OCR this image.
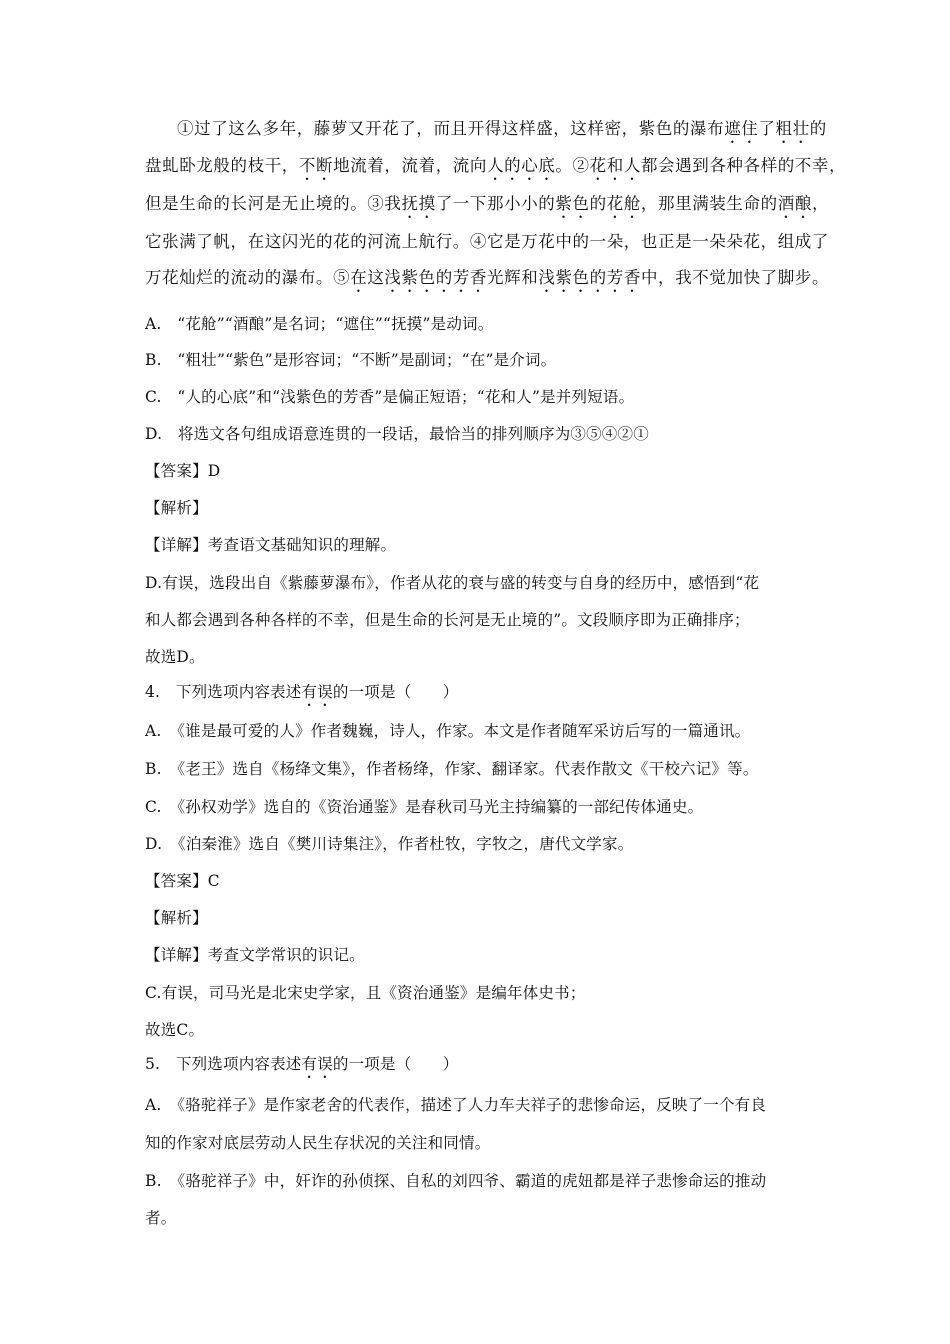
①过了这么多年，藤萝又开花了，而且开得这样盛，这样密，紫色的瀑布遮住了粗壮的
盘虬卧龙般的枝干，不断地流着，流着，流向人的心底。②花和人都会遇到各种各样的不幸，
但是生命的长河是无止境的。③我抚摸了一下那小小的紫色的花舱，那里满装生命的酒酿，
它张满了帆，在这闪光的花的河流上航行。④它是万花中的一朵，也正是一朵朵花，组成了
万花灿烂的流动的瀑布。⑤在这浅紫色的芳香光辉和浅紫色的芳香中，我不觉加快了脚步。
A.　“花舱”“酒酿”是名词；“遮住”“抚摸”是动词。
B.　“粗壮”“紫色”是形容词；“不断”是副词；“在”是介词。
C.　“人的心底”和“浅紫色的芳香”是偏正短语；“花和人”是并列短语。
D.　将选文各句组成语意连贯的一段话，最恰当的排列顺序为③⑤④②①
【答案】D
【解析】
【详解】考查语文基础知识的理解。
D.有误，选段出自《紫藤萝瀑布》，作者从花的衰与盛的转变与自身的经历中，感悟到“花
和人都会遇到各种各样的不幸，但是生命的长河是无止境的”。文段顺序即为正确排序；
故选D。
4.　下列选项内容表述有误的一项是（　　）
A.　《谁是最可爱的人》作者魏巍，诗人，作家。本文是作者随军采访后写的一篇通讯。
B.　《老王》选自《杨绛文集》，作者杨绛，作家、翻译家。代表作散文《干校六记》等。
C.　《孙权劝学》选自的《资治通鉴》是春秋司马光主持编纂的一部纪传体通史。
D.　《泊秦淮》选自《樊川诗集注》，作者杜牧，字牧之，唐代文学家。
【答案】C
【解析】
【详解】考查文学常识的识记。
C.有误，司马光是北宋史学家，且《资治通鉴》是编年体史书；
故选C。
5.　下列选项内容表述有误的一项是（　　）
A.　《骆驼祥子》是作家老舍的代表作，描述了人力车夫祥子的悲惨命运，反映了一个有良
知的作家对底层劳动人民生存状况的关注和同情。
B.　《骆驼祥子》中，奸诈的孙侦探、自私的刘四爷、霸道的虎妞都是祥子悲惨命运的推动
者。
